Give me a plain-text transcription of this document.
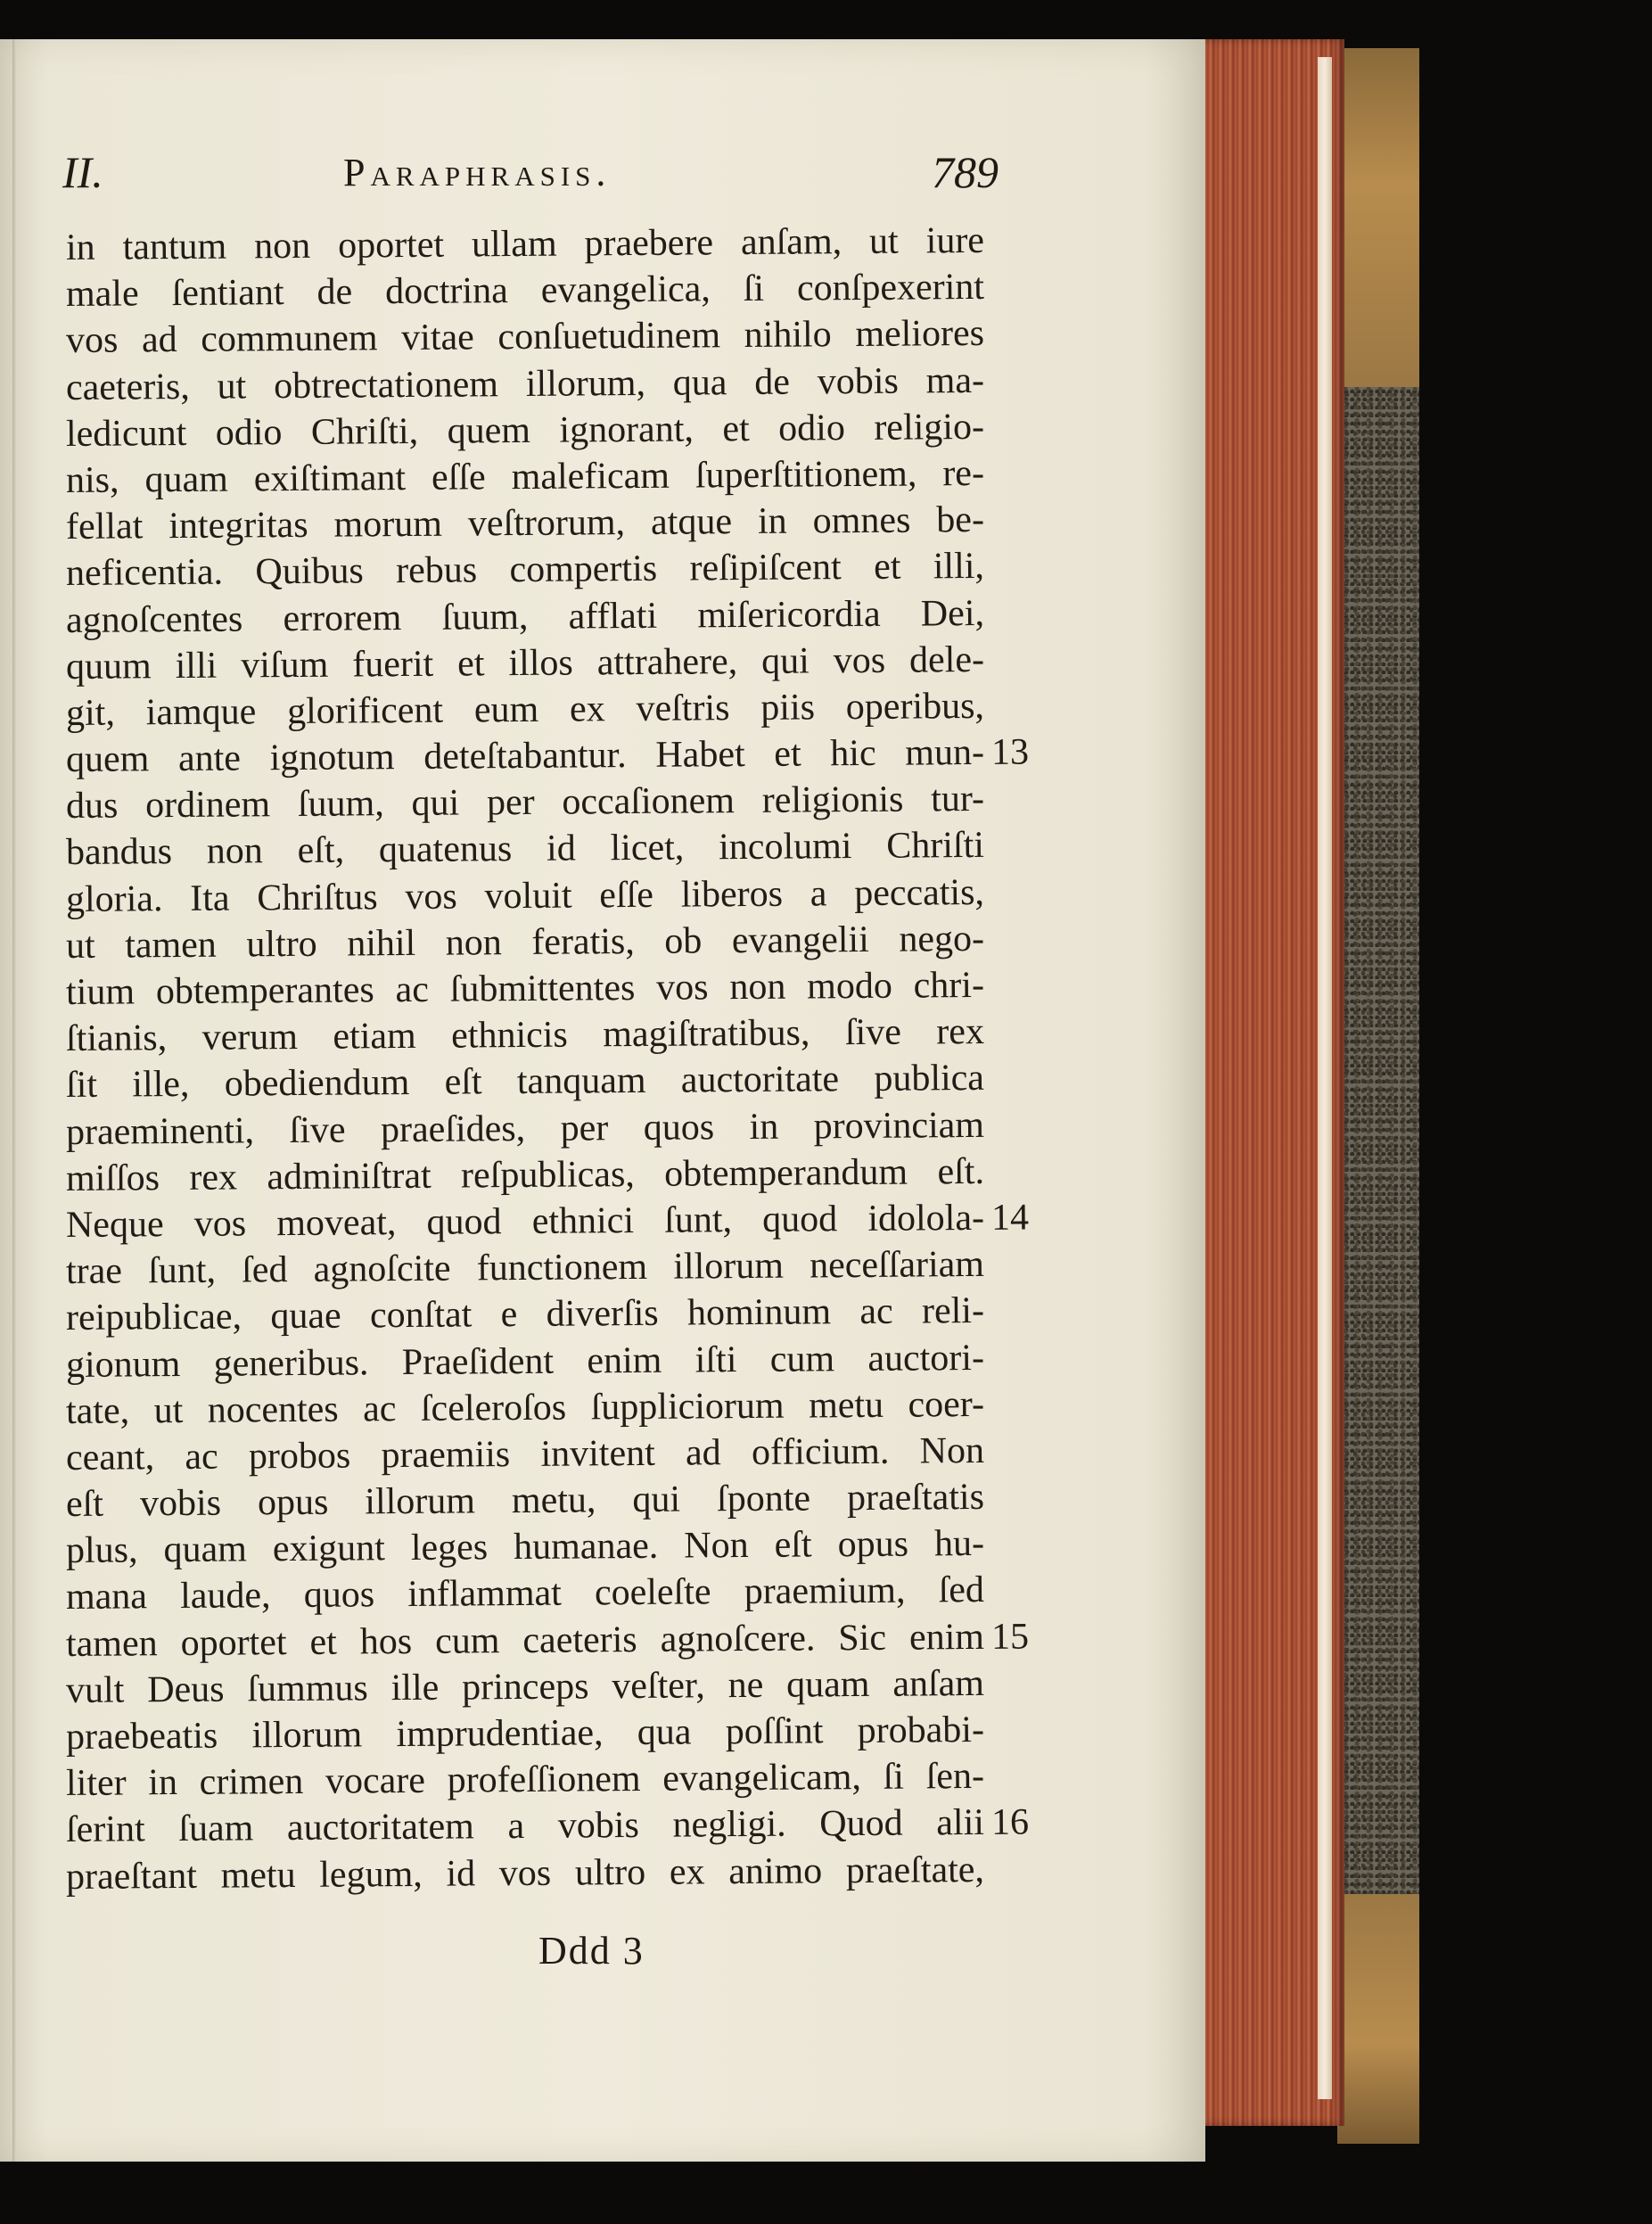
II.	Paraphrasis.	789
in tantum non oportet ullam praebere anſam, ut iure
male ſentiant de doctrina evangelica, ſi conſpexerint
vos ad communem vitae conſuetudinem nihilo meliores
caeteris, ut obtrectationem illorum, qua de vobis ma-
ledicunt odio Chriſti, quem ignorant, et odio religio-
nis, quam exiſtimant eſſe maleficam ſuperſtitionem, re-
fellat integritas morum veſtrorum, atque in omnes be-
neficentia. Quibus rebus compertis reſipiſcent et illi,
agnoſcentes errorem ſuum, afflati miſericordia Dei,
quum illi viſum fuerit et illos attrahere, qui vos dele-
git, iamque glorificent eum ex veſtris piis operibus,
quem ante ignotum deteſtabantur. Habet et hic mun- 13
dus ordinem ſuum, qui per occaſionem religionis tur-
bandus non eſt, quatenus id licet, incolumi Chriſti
gloria. Ita Chriſtus vos voluit eſſe liberos a peccatis,
ut tamen ultro nihil non feratis, ob evangelii nego-
tium obtemperantes ac ſubmittentes vos non modo chri-
ſtianis, verum etiam ethnicis magiſtratibus, ſive rex
ſit ille, obediendum eſt tanquam auctoritate publica
praeminenti, ſive praeſides, per quos in provinciam
miſſos rex adminiſtrat reſpublicas, obtemperandum eſt.
Neque vos moveat, quod ethnici ſunt, quod idolola- 14
trae ſunt, ſed agnoſcite functionem illorum neceſſariam
reipublicae, quae conſtat e diverſis hominum ac reli-
gionum generibus. Praeſident enim iſti cum auctori-
tate, ut nocentes ac ſceleroſos ſuppliciorum metu coer-
ceant, ac probos praemiis invitent ad officium. Non
eſt vobis opus illorum metu, qui ſponte praeſtatis
plus, quam exigunt leges humanae. Non eſt opus hu-
mana laude, quos inflammat coeleſte praemium, ſed
tamen oportet et hos cum caeteris agnoſcere. Sic enim 15
vult Deus ſummus ille princeps veſter, ne quam anſam
praebeatis illorum imprudentiae, qua poſſint probabi-
liter in crimen vocare profeſſionem evangelicam, ſi ſen-
ſerint ſuam auctoritatem a vobis negligi. Quod alii 16
praeſtant metu legum, id vos ultro ex animo praeſtate,
Ddd 3
